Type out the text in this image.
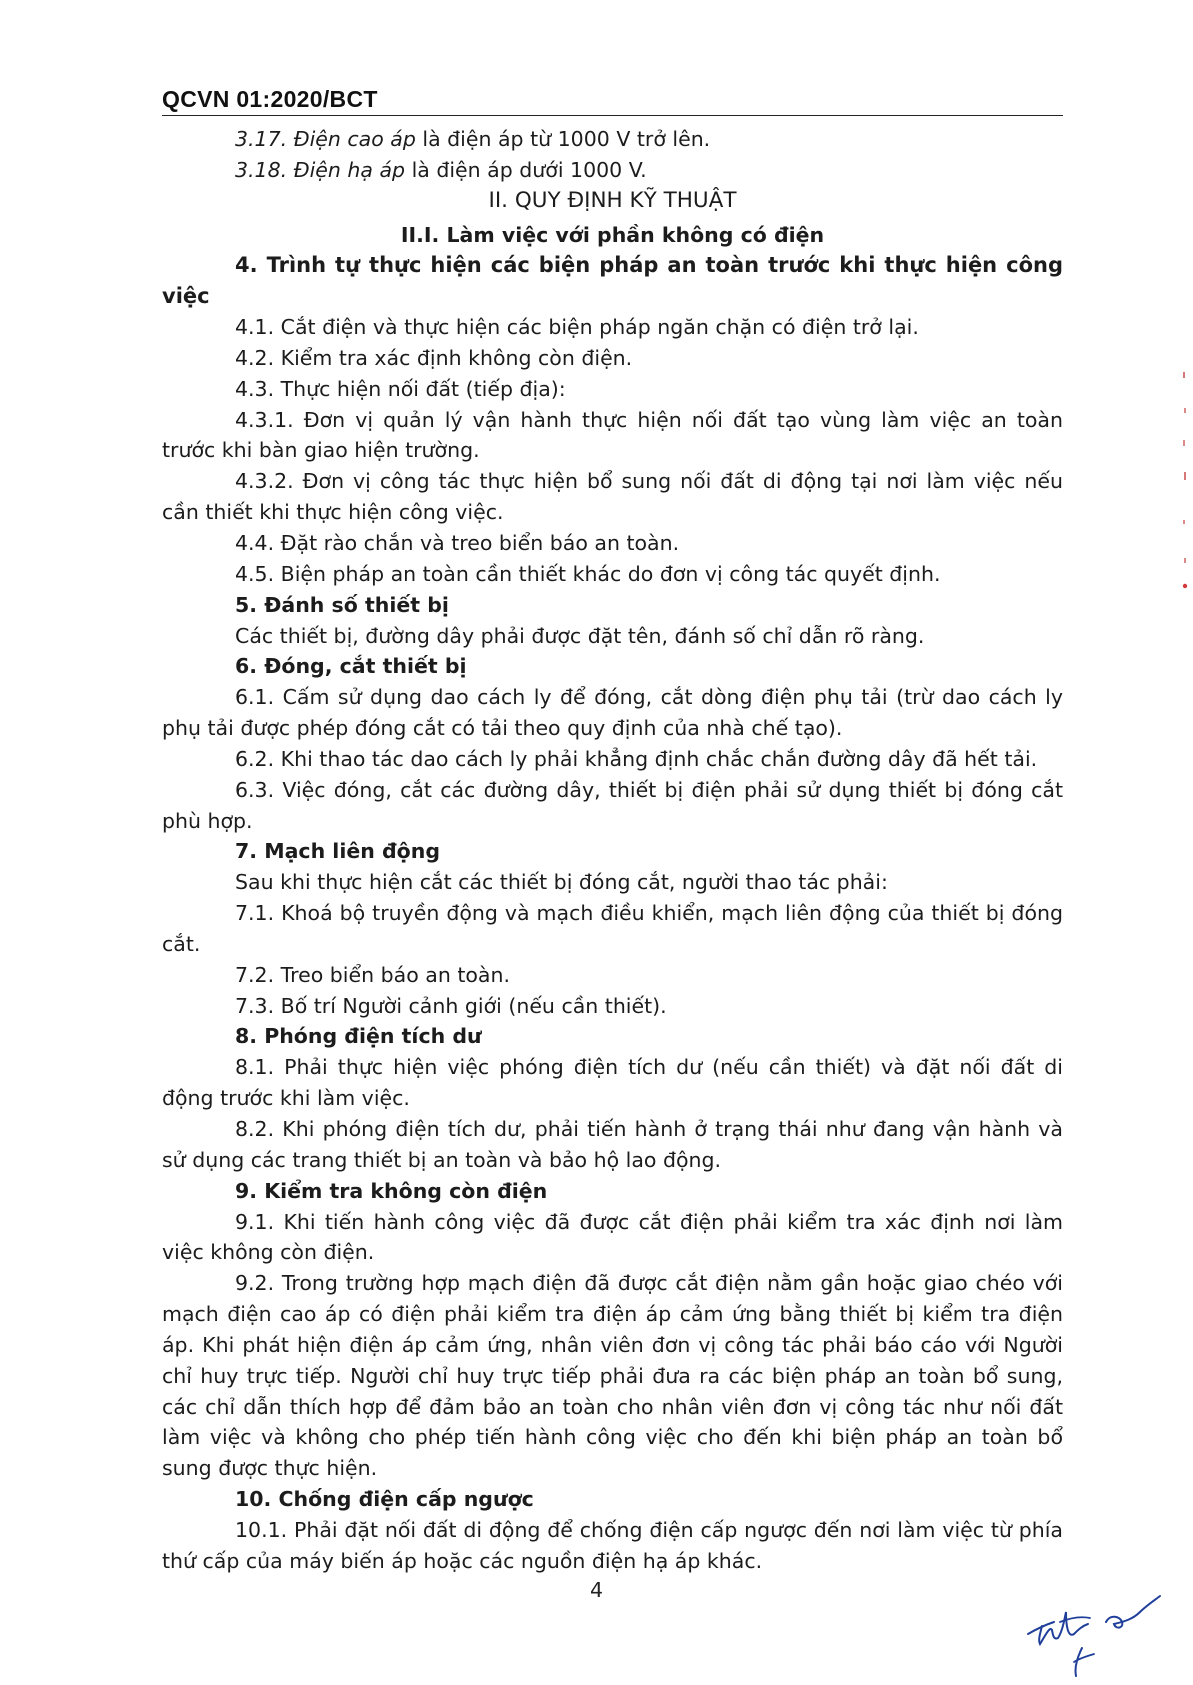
QCVN 01:2020/BCT

3.17. Điện cao áp là điện áp từ 1000 V trở lên.

3.18. Điện hạ áp là điện áp dưới 1000 V.

II. QUY ĐỊNH KỸ THUẬT

II.I. Làm việc với phần không có điện

4. Trình tự thực hiện các biện pháp an toàn trước khi thực hiện công việc

4.1. Cắt điện và thực hiện các biện pháp ngăn chặn có điện trở lại.

4.2. Kiểm tra xác định không còn điện.

4.3. Thực hiện nối đất (tiếp địa):

4.3.1. Đơn vị quản lý vận hành thực hiện nối đất tạo vùng làm việc an toàn trước khi bàn giao hiện trường.

4.3.2. Đơn vị công tác thực hiện bổ sung nối đất di động tại nơi làm việc nếu cần thiết khi thực hiện công việc.

4.4. Đặt rào chắn và treo biển báo an toàn.

4.5. Biện pháp an toàn cần thiết khác do đơn vị công tác quyết định.

5. Đánh số thiết bị

Các thiết bị, đường dây phải được đặt tên, đánh số chỉ dẫn rõ ràng.

6. Đóng, cắt thiết bị

6.1. Cấm sử dụng dao cách ly để đóng, cắt dòng điện phụ tải (trừ dao cách ly phụ tải được phép đóng cắt có tải theo quy định của nhà chế tạo).

6.2. Khi thao tác dao cách ly phải khẳng định chắc chắn đường dây đã hết tải.

6.3. Việc đóng, cắt các đường dây, thiết bị điện phải sử dụng thiết bị đóng cắt phù hợp.

7. Mạch liên động

Sau khi thực hiện cắt các thiết bị đóng cắt, người thao tác phải:

7.1. Khoá bộ truyền động và mạch điều khiển, mạch liên động của thiết bị đóng cắt.

7.2. Treo biển báo an toàn.

7.3. Bố trí Người cảnh giới (nếu cần thiết).

8. Phóng điện tích dư

8.1. Phải thực hiện việc phóng điện tích dư (nếu cần thiết) và đặt nối đất di động trước khi làm việc.

8.2. Khi phóng điện tích dư, phải tiến hành ở trạng thái như đang vận hành và sử dụng các trang thiết bị an toàn và bảo hộ lao động.

9. Kiểm tra không còn điện

9.1. Khi tiến hành công việc đã được cắt điện phải kiểm tra xác định nơi làm việc không còn điện.

9.2. Trong trường hợp mạch điện đã được cắt điện nằm gần hoặc giao chéo với mạch điện cao áp có điện phải kiểm tra điện áp cảm ứng bằng thiết bị kiểm tra điện áp. Khi phát hiện điện áp cảm ứng, nhân viên đơn vị công tác phải báo cáo với Người chỉ huy trực tiếp. Người chỉ huy trực tiếp phải đưa ra các biện pháp an toàn bổ sung, các chỉ dẫn thích hợp để đảm bảo an toàn cho nhân viên đơn vị công tác như nối đất làm việc và không cho phép tiến hành công việc cho đến khi biện pháp an toàn bổ sung được thực hiện.

10. Chống điện cấp ngược

10.1. Phải đặt nối đất di động để chống điện cấp ngược đến nơi làm việc từ phía thứ cấp của máy biến áp hoặc các nguồn điện hạ áp khác.

4
